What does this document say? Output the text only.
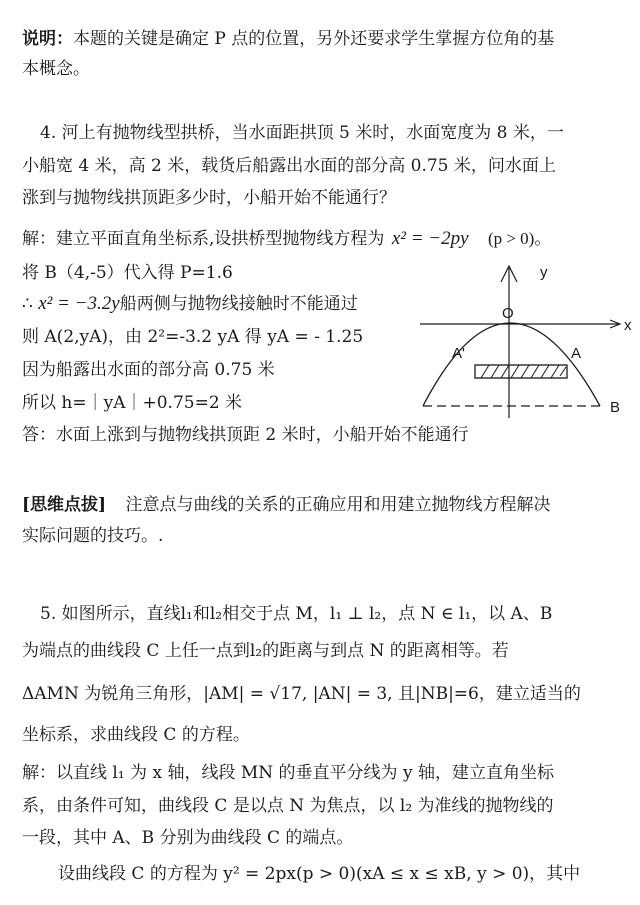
说明：本题的关键是确定 P 点的位置，另外还要求学生掌握方位角的基
本概念。
4. 河上有抛物线型拱桥，当水面距拱顶 5 米时，水面宽度为 8 米，一
小船宽 4 米，高 2 米，载货后船露出水面的部分高 0.75 米，问水面上
涨到与抛物线拱顶距多少时，小船开始不能通行？
解：建立平面直角坐标系,设拱桥型抛物线方程为 x² = −2py (p > 0)。
将 B（4,-5）代入得 P=1.6
∴ x² = −3.2y船两侧与抛物线接触时不能通过
则 A(2,yA)，由 2²=-3.2 yA 得 yA = - 1.25
因为船露出水面的部分高 0.75 米
所以 h=｜yA｜+0.75=2 米
答：水面上涨到与抛物线拱顶距 2 米时，小船开始不能通行
y
x
O
A'	A
B
[思维点拔] 注意点与曲线的关系的正确应用和用建立抛物线方程解决
实际问题的技巧。.
5. 如图所示，直线l₁和l₂相交于点 M，l₁ ⊥ l₂，点 N ∈ l₁，以 A、B
为端点的曲线段 C 上任一点到l₂的距离与到点 N 的距离相等。若
ΔAMN 为锐角三角形，|AM| = √17, |AN| = 3, 且|NB|=6，建立适当的
坐标系，求曲线段 C 的方程。
解：以直线 l₁ 为 x 轴，线段 MN 的垂直平分线为 y 轴，建立直角坐标
系，由条件可知，曲线段 C 是以点 N 为焦点，以 l₂ 为准线的抛物线的
一段，其中 A、B 分别为曲线段 C 的端点。
设曲线段 C 的方程为 y² = 2px(p > 0)(xA ≤ x ≤ xB, y > 0)，其中
